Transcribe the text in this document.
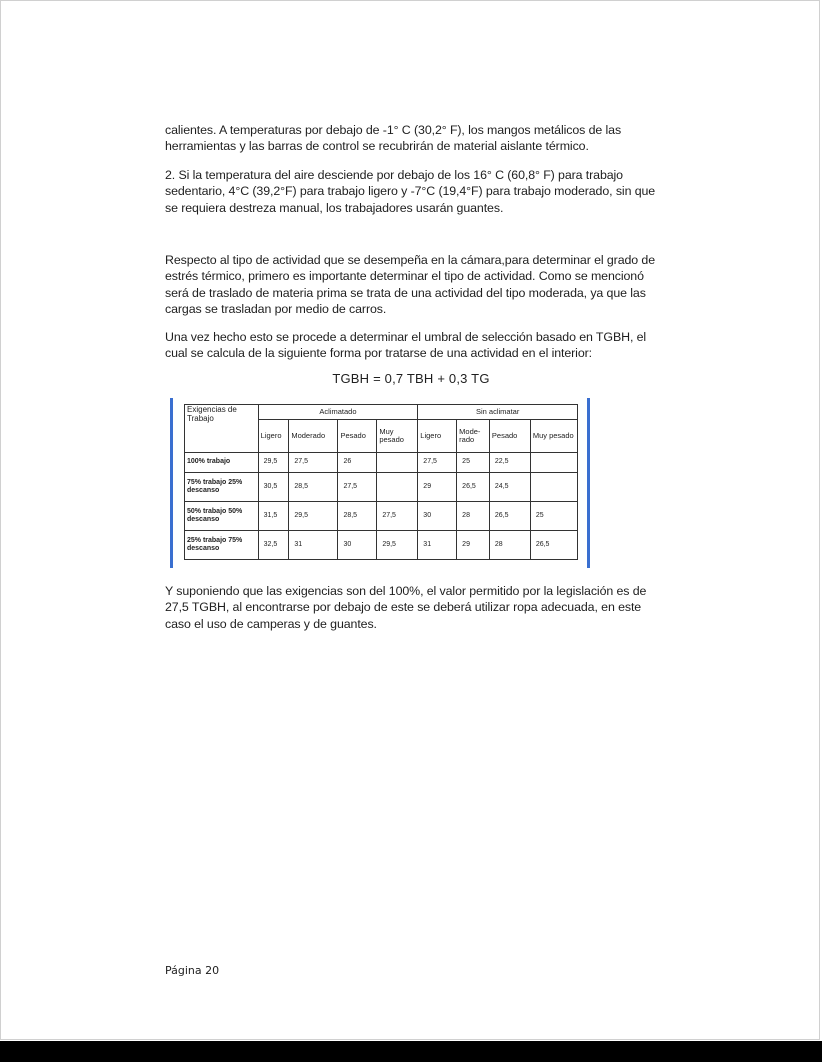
calientes. A temperaturas por debajo de -1° C (30,2° F), los mangos metálicos de las herramientas y las barras de control se recubrirán de material aislante térmico.

2. Si la temperatura del aire desciende por debajo de los 16° C (60,8° F) para trabajo sedentario, 4°C (39,2°F) para trabajo ligero y -7°C (19,4°F) para trabajo moderado, sin que se requiera destreza manual, los trabajadores usarán guantes.

Respecto al tipo de actividad que se desempeña en la cámara,para determinar el grado de estrés térmico, primero es importante determinar el tipo de actividad. Como se mencionó será de traslado de materia prima se trata de una actividad del tipo moderada, ya que las cargas se trasladan por medio de carros.

Una vez hecho esto se procede a determinar el umbral de selección basado en TGBH, el cual se calcula de la siguiente forma por tratarse de una actividad en el interior:

TGBH = 0,7 TBH + 0,3 TG
Exigencias de Trabajo	Aclimatado				Sin aclimatar			
	Ligero	Moderado	Pesado	Muy pesado	Ligero	Mode-rado	Pesado	Muy pesado
100% trabajo	29,5	27,5	26		27,5	25	22,5	
75% trabajo 25% descanso	30,5	28,5	27,5		29	26,5	24,5	
50% trabajo 50% descanso	31,5	29,5	28,5	27,5	30	28	26,5	25
25% trabajo 75% descanso	32,5	31	30	29,5	31	29	28	26,5

Y suponiendo que las exigencias son del 100%, el valor permitido por la legislación es de 27,5 TGBH, al encontrarse por debajo de este se deberá utilizar ropa adecuada, en este caso el uso de camperas y de guantes.

Página 20
